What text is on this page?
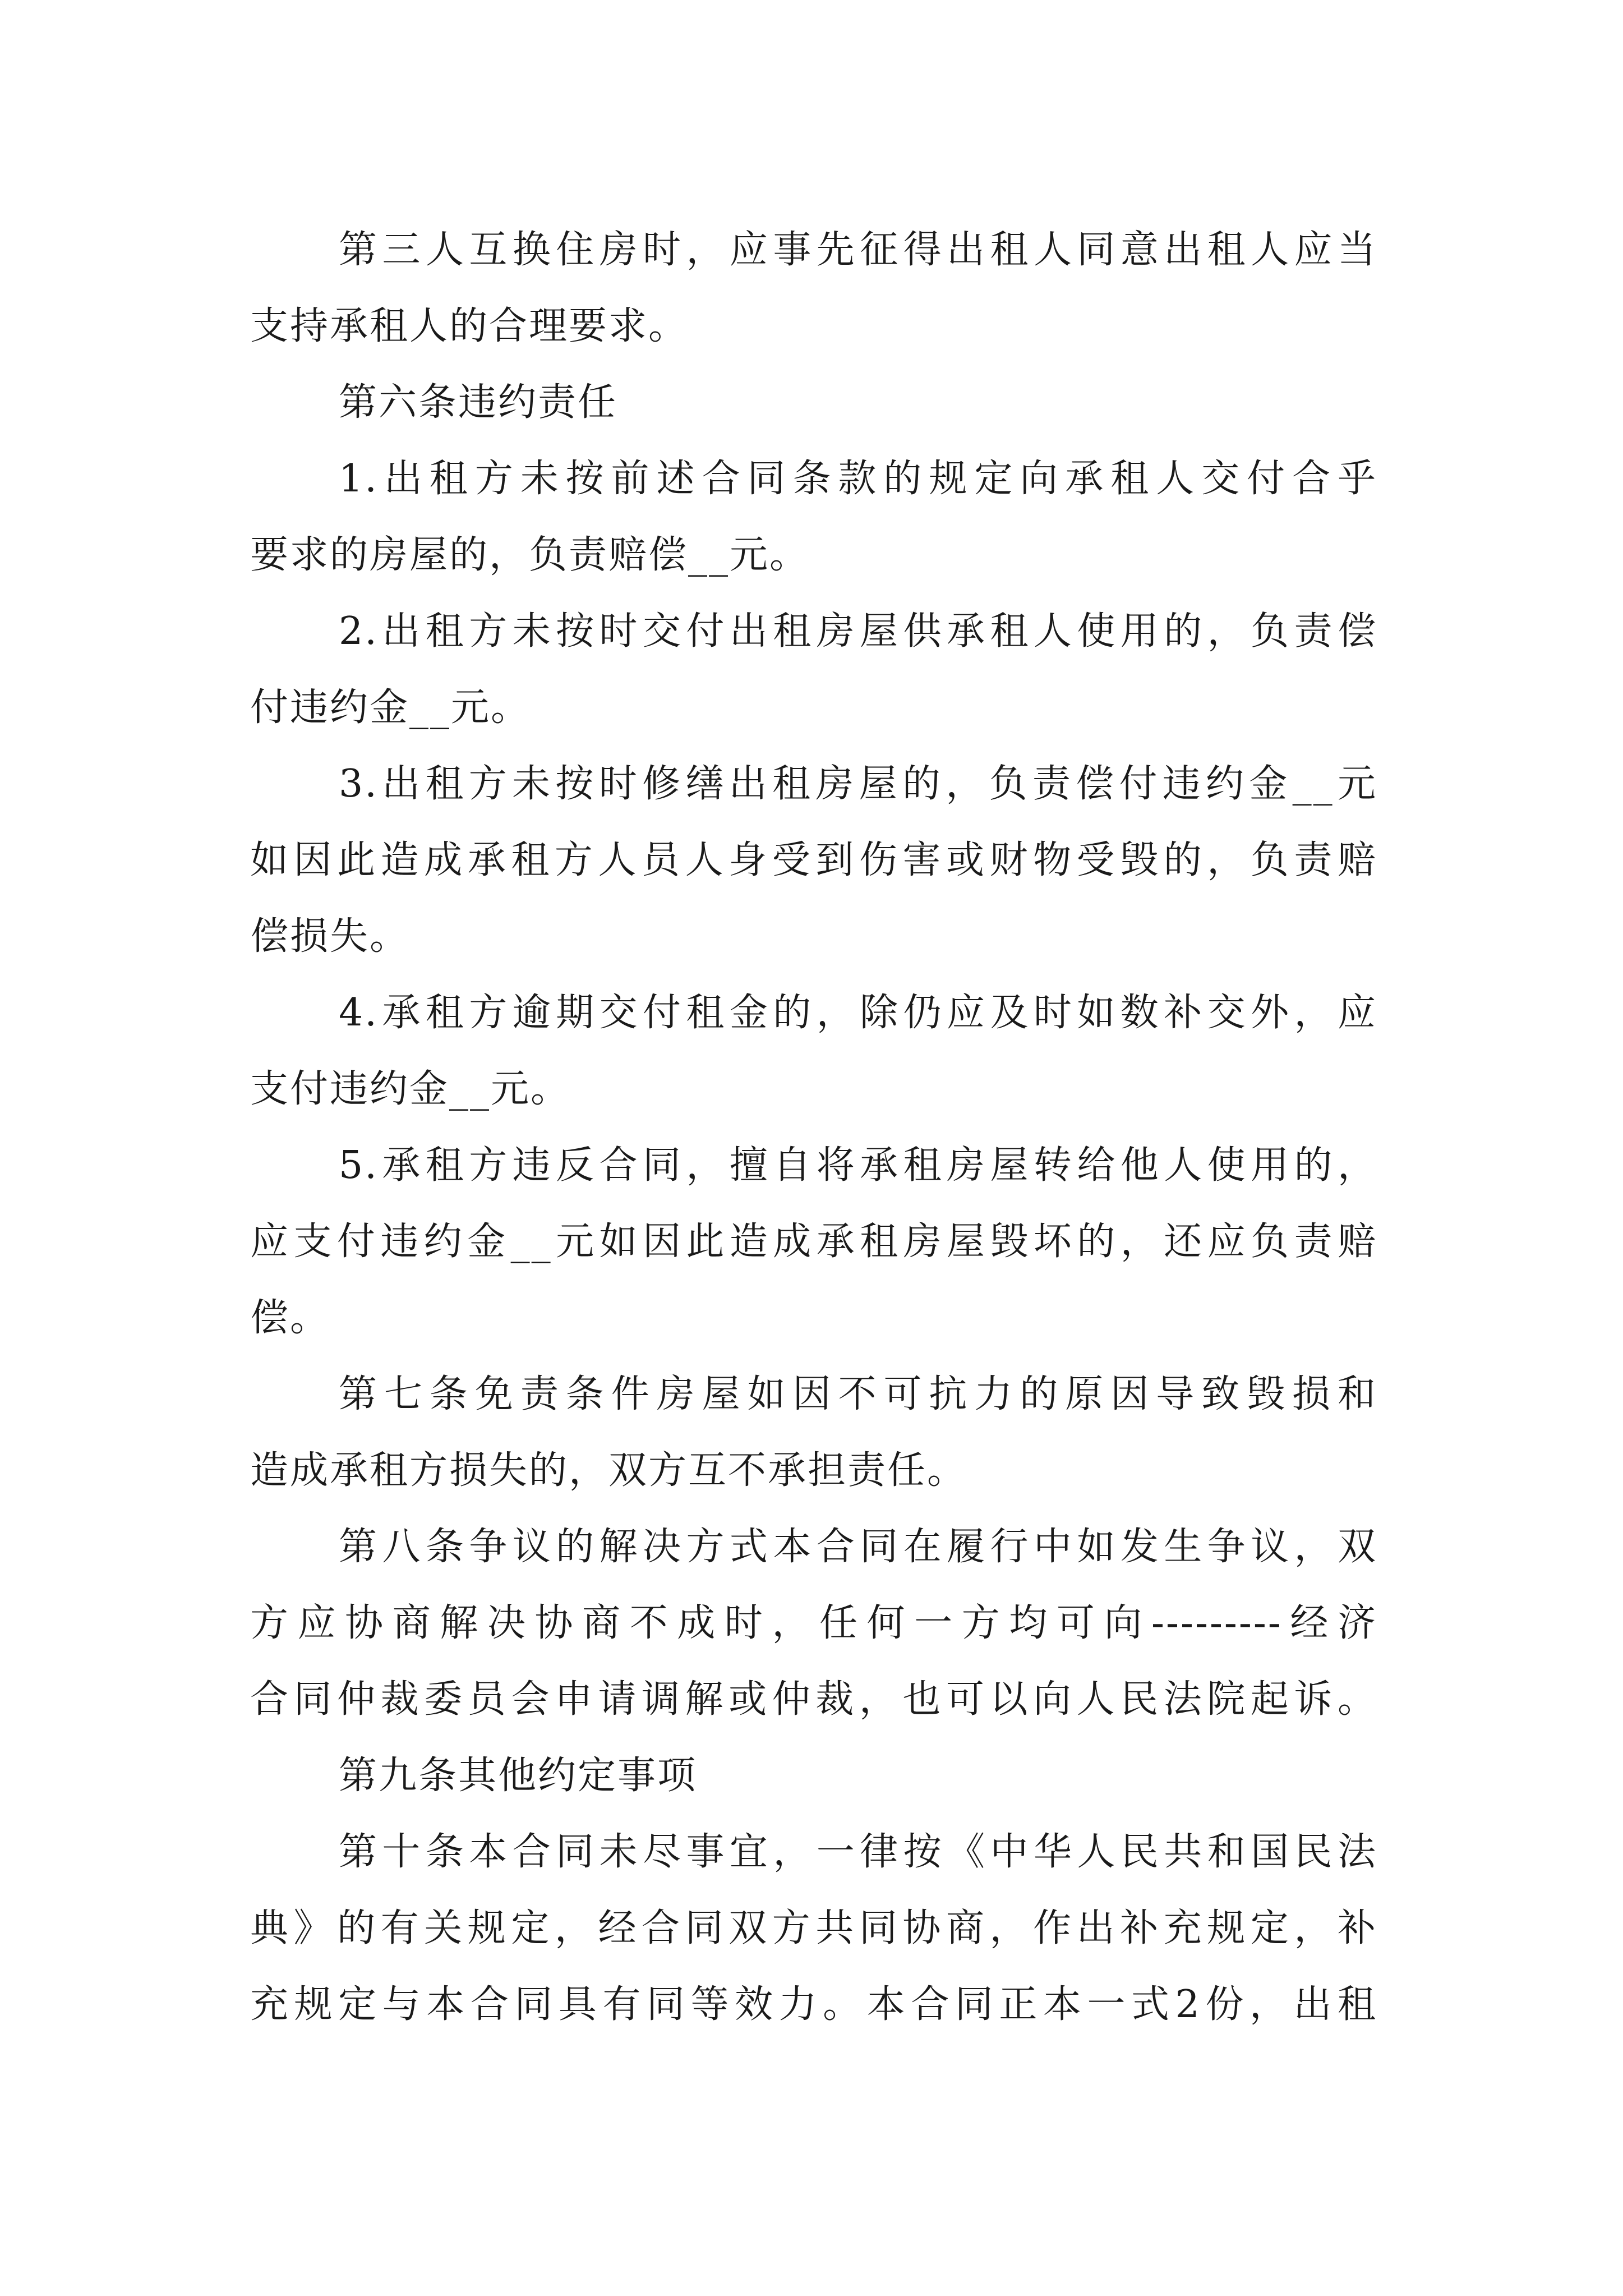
第三人互换住房时，应事先征得出租人同意出租人应当
支持承租人的合理要求。
第六条违约责任
1.出租方未按前述合同条款的规定向承租人交付合乎
要求的房屋的，负责赔偿__元。
2.出租方未按时交付出租房屋供承租人使用的，负责偿
付违约金__元。
3.出租方未按时修缮出租房屋的，负责偿付违约金__元
如因此造成承租方人员人身受到伤害或财物受毁的，负责赔
偿损失。
4.承租方逾期交付租金的，除仍应及时如数补交外，应
支付违约金__元。
5.承租方违反合同，擅自将承租房屋转给他人使用的，
应支付违约金__元如因此造成承租房屋毁坏的，还应负责赔
偿。
第七条免责条件房屋如因不可抗力的原因导致毁损和
造成承租方损失的，双方互不承担责任。
第八条争议的解决方式本合同在履行中如发生争议，双
方应协商解决协商不成时，任何一方均可向---------经济
合同仲裁委员会申请调解或仲裁，也可以向人民法院起诉。
第九条其他约定事项
第十条本合同未尽事宜，一律按《中华人民共和国民法
典》的有关规定，经合同双方共同协商，作出补充规定，补
充规定与本合同具有同等效力。本合同正本一式2份，出租
